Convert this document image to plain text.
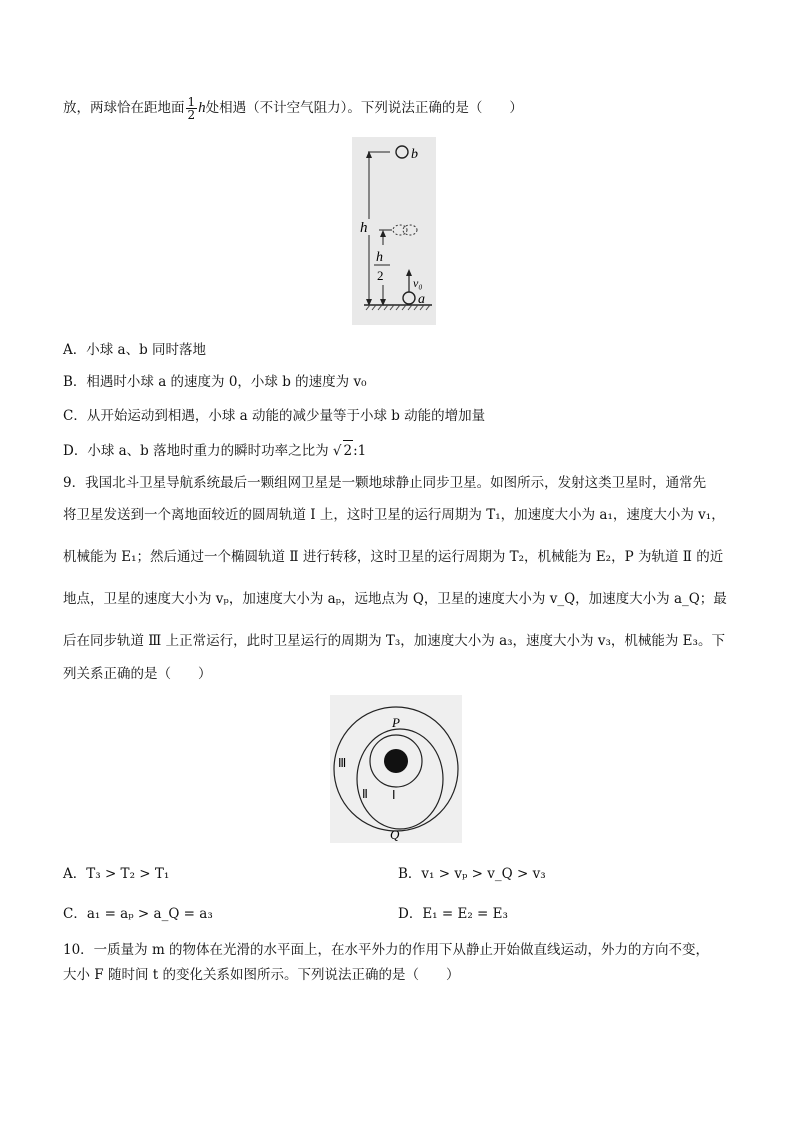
放，两球恰在距地面 $\frac{1}{2}$ h处相遇（不计空气阻力）。下列说法正确的是（　　）
b
h
h
2 v₀
a
A．小球 a、b 同时落地
B．相遇时小球 a 的速度为 0，小球 b 的速度为 v₀
C．从开始运动到相遇，小球 a 动能的减少量等于小球 b 动能的增加量
D．小球 a、b 落地时重力的瞬时功率之比为 √ 2:1
9．我国北斗卫星导航系统最后一颗组网卫星是一颗地球静止同步卫星。如图所示，发射这类卫星时，通常先
将卫星发送到一个离地面较近的圆周轨道 Ⅰ 上，这时卫星的运行周期为 T₁，加速度大小为 a₁，速度大小为 v₁，
机械能为 E₁；然后通过一个椭圆轨道 Ⅱ 进行转移，这时卫星的运行周期为 T₂，机械能为 E₂，P 为轨道 Ⅱ 的近
地点，卫星的速度大小为 vₚ，加速度大小为 aₚ，远地点为 Q，卫星的速度大小为 v_Q，加速度大小为 a_Q；最
后在同步轨道 Ⅲ 上正常运行，此时卫星运行的周期为 T₃，加速度大小为 a₃，速度大小为 v₃，机械能为 E₃。下
列关系正确的是（　　）
P
Q
Ⅰ
Ⅱ
Ⅲ
A．T₃ > T₂ > T₁	B．v₁ > vₚ > v_Q > v₃
C．a₁ = aₚ > a_Q = a₃	D．E₁ = E₂ = E₃
10．一质量为 m 的物体在光滑的水平面上，在水平外力的作用下从静止开始做直线运动，外力的方向不变，
大小 F 随时间 t 的变化关系如图所示。下列说法正确的是（　　）
